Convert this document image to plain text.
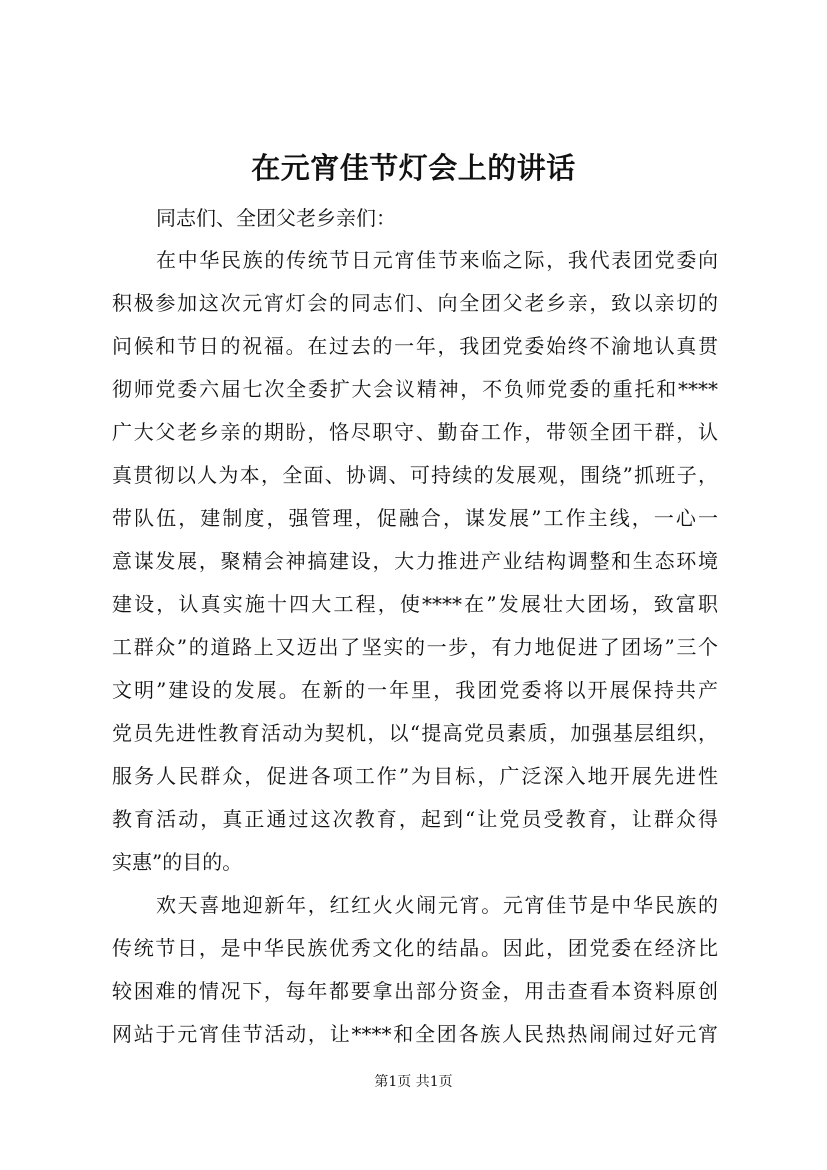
在元宵佳节灯会上的讲话
同志们、全团父老乡亲们：
在中华民族的传统节日元宵佳节来临之际，我代表团党委向
积极参加这次元宵灯会的同志们、向全团父老乡亲，致以亲切的
问候和节日的祝福。在过去的一年，我团党委始终不渝地认真贯
彻师党委六届七次全委扩大会议精神，不负师党委的重托和****
广大父老乡亲的期盼，恪尽职守、勤奋工作，带领全团干群，认
真贯彻以人为本，全面、协调、可持续的发展观，围绕”抓班子，
带队伍，建制度，强管理，促融合，谋发展”工作主线，一心一
意谋发展，聚精会神搞建设，大力推进产业结构调整和生态环境
建设，认真实施十四大工程，使****在”发展壮大团场，致富职
工群众”的道路上又迈出了坚实的一步，有力地促进了团场”三个
文明”建设的发展。在新的一年里，我团党委将以开展保持共产
党员先进性教育活动为契机，以“提高党员素质，加强基层组织，
服务人民群众，促进各项工作”为目标，广泛深入地开展先进性
教育活动，真正通过这次教育，起到“让党员受教育，让群众得
实惠”的目的。
欢天喜地迎新年，红红火火闹元宵。元宵佳节是中华民族的
传统节日，是中华民族优秀文化的结晶。因此，团党委在经济比
较困难的情况下，每年都要拿出部分资金，用击查看本资料原创
网站于元宵佳节活动，让****和全团各族人民热热闹闹过好元宵
第1页 共1页
